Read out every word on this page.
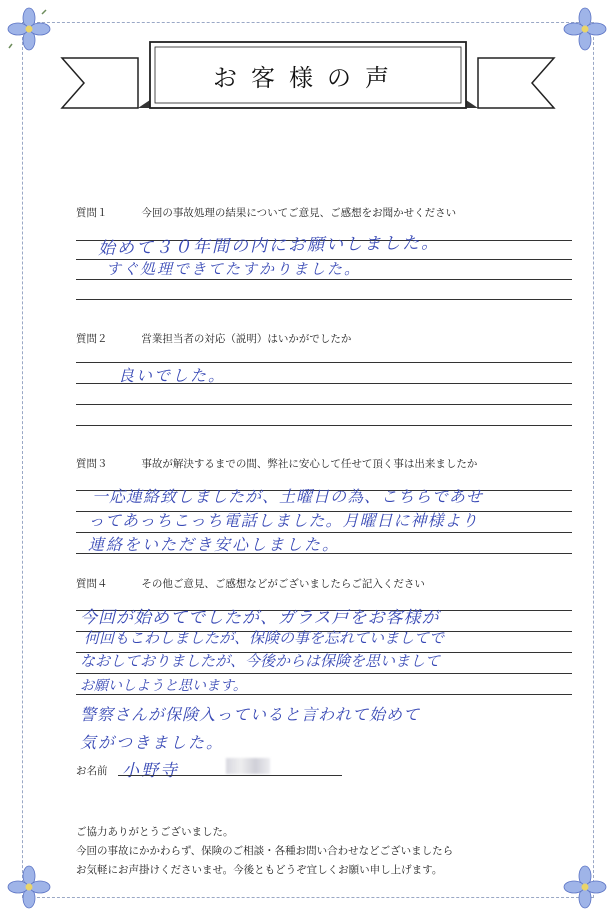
お客様の声
質問１	今回の事故処理の結果についてご意見、ご感想をお聞かせください
始めて３０年間の内にお願いしました。
すぐ処理できてたすかりました。
質問２	営業担当者の対応（説明）はいかがでしたか
良いでした。
質問３	事故が解決するまでの間、弊社に安心して任せて頂く事は出来ましたか
一応連絡致しましたが、土曜日の為、こちらであせ
ってあっちこっち電話しました。月曜日に神様より
連絡をいただき安心しました。
質問４	その他ご意見、ご感想などがございましたらご記入ください
今回が始めてでしたが、ガラス戸をお客様が
何回もこわしましたが、保険の事を忘れていましてで
なおしておりましたが、今後からは保険を思いまして
お願いしようと思います。
警察さんが保険入っていると言われて始めて
気がつきました。
お名前 小野寺
ご協力ありがとうございました。
今回の事故にかかわらず、保険のご相談・各種お問い合わせなどございましたら
お気軽にお声掛けくださいませ。今後ともどうぞ宜しくお願い申し上げます。
